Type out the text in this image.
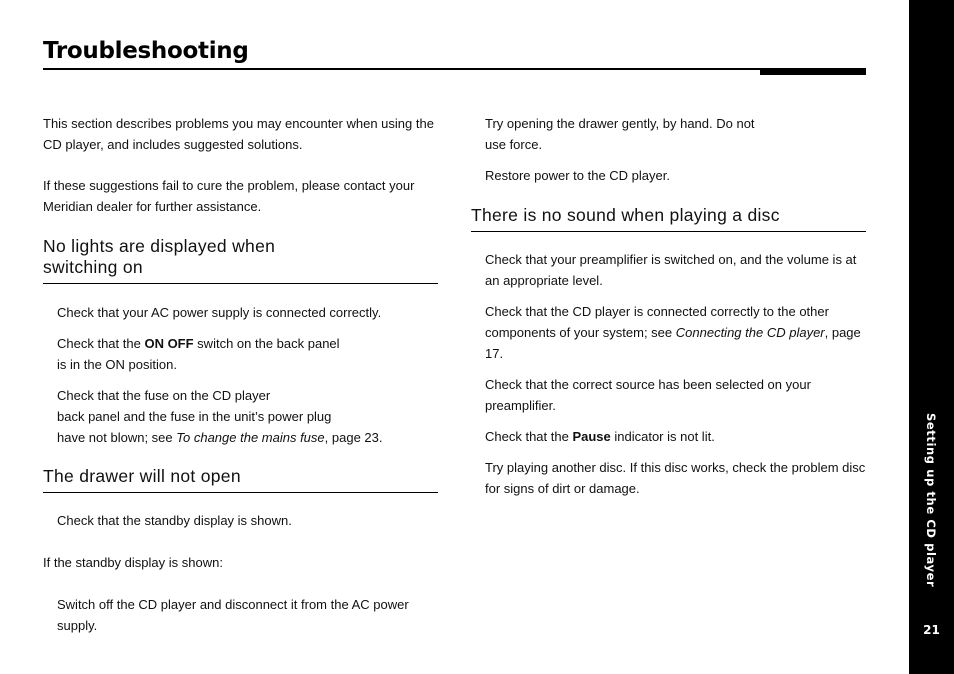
Troubleshooting
Setting up the CD player
21

This section describes problems you may encounter when using the CD player, and includes suggested solutions.

If these suggestions fail to cure the problem, please contact your Meridian dealer for further assistance.

No lights are displayed when switching on

Check that your AC power supply is connected correctly.

Check that the ON OFF switch on the back panel
is in the ON position.

Check that the fuse on the CD player
back panel and the fuse in the unit’s power plug
have not blown; see To change the mains fuse, page 23.

The drawer will not open

Check that the standby display is shown.

If the standby display is shown:

Switch off the CD player and disconnect it from the AC power supply.

Try opening the drawer gently, by hand. Do not
use force.

Restore power to the CD player.

There is no sound when playing a disc

Check that your preamplifier is switched on, and the volume is at an appropriate level.

Check that the CD player is connected correctly to the other components of your system; see Connecting the CD player, page 17.

Check that the correct source has been selected on your preamplifier.

Check that the Pause indicator is not lit.

Try playing another disc. If this disc works, check the problem disc for signs of dirt or damage.
